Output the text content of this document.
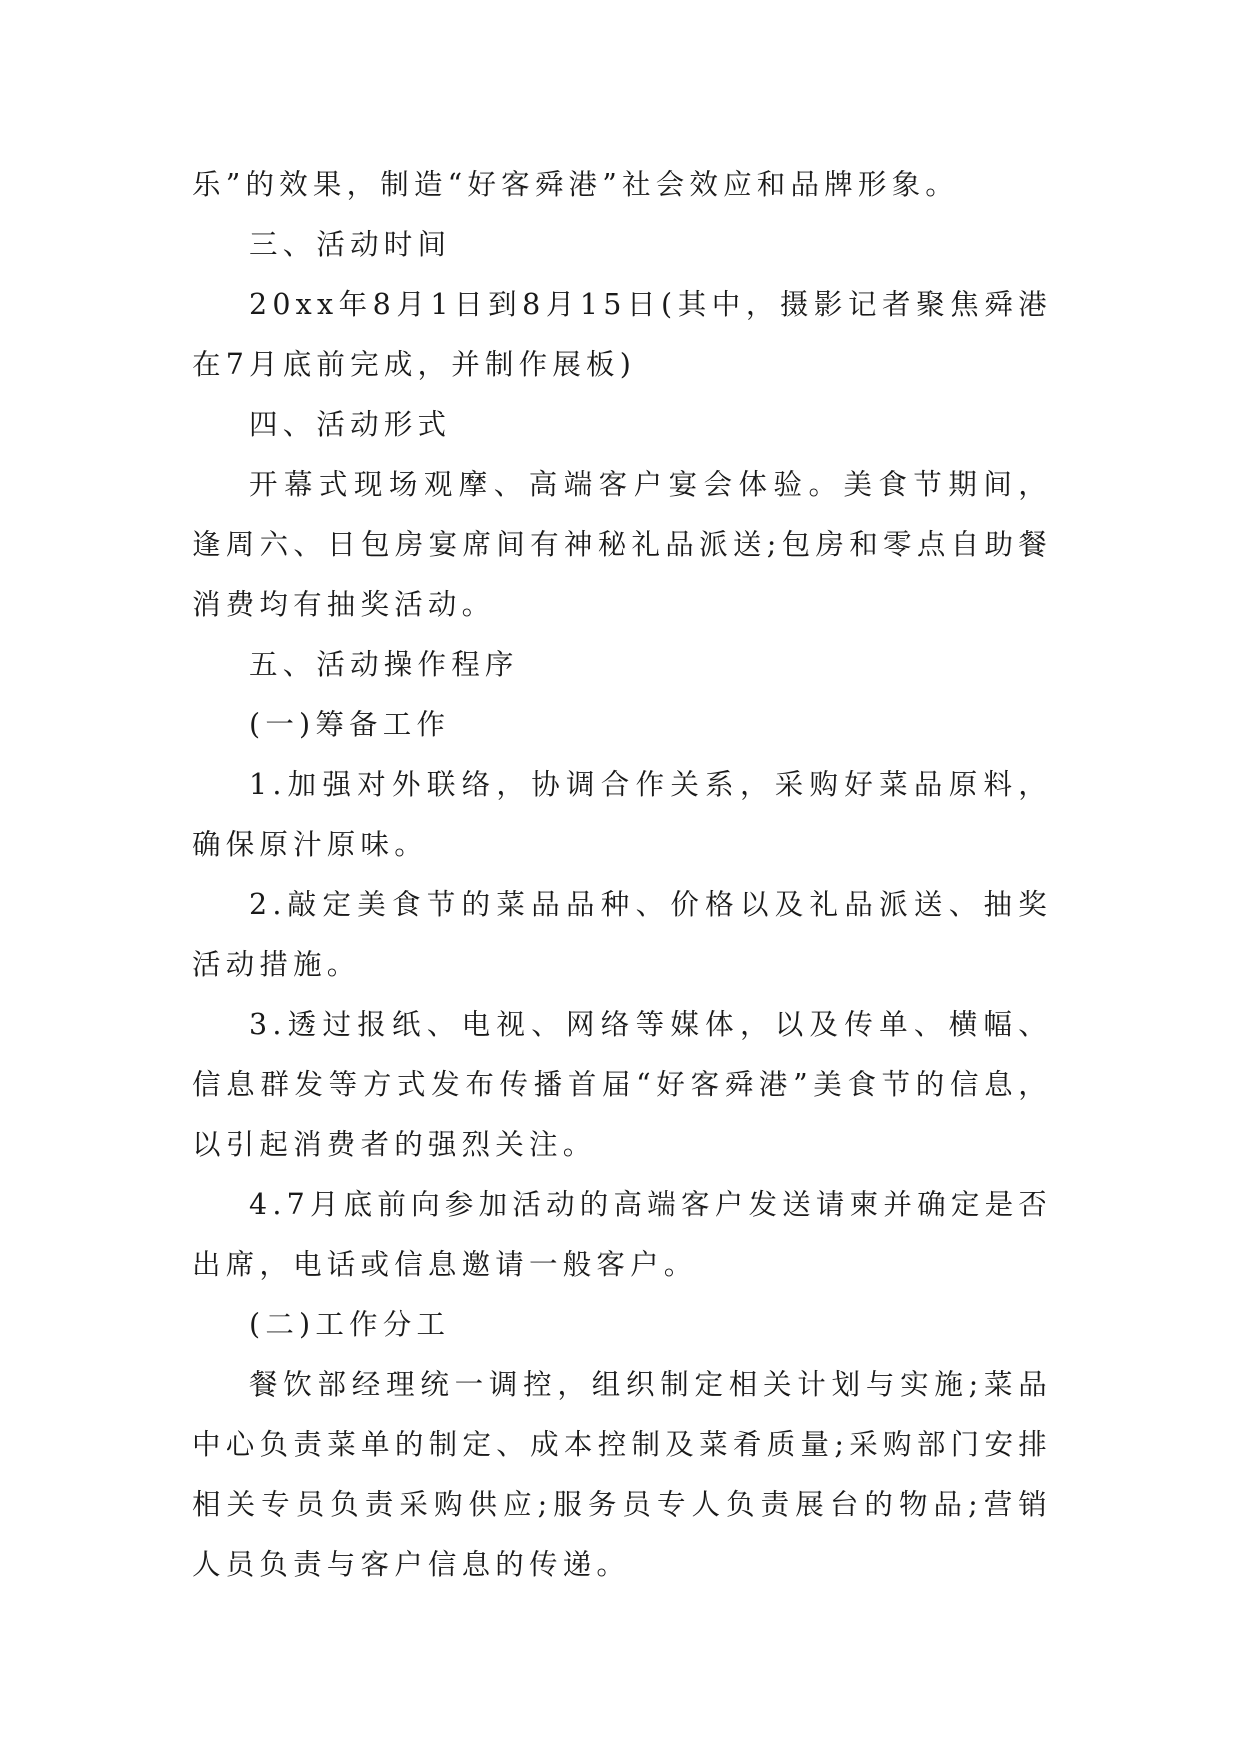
乐”的效果，制造“好客舜港”社会效应和品牌形象。

三、活动时间

20xx年8月1日到8月15日(其中，摄影记者聚焦舜港在7月底前完成，并制作展板)

四、活动形式

开幕式现场观摩、高端客户宴会体验。美食节期间，逢周六、日包房宴席间有神秘礼品派送;包房和零点自助餐消费均有抽奖活动。

五、活动操作程序

(一)筹备工作

1.加强对外联络，协调合作关系，采购好菜品原料，确保原汁原味。

2.敲定美食节的菜品品种、价格以及礼品派送、抽奖活动措施。

3.透过报纸、电视、网络等媒体，以及传单、横幅、信息群发等方式发布传播首届“好客舜港”美食节的信息，以引起消费者的强烈关注。

4.7月底前向参加活动的高端客户发送请柬并确定是否出席，电话或信息邀请一般客户。

(二)工作分工

餐饮部经理统一调控，组织制定相关计划与实施;菜品中心负责菜单的制定、成本控制及菜肴质量;采购部门安排相关专员负责采购供应;服务员专人负责展台的物品;营销人员负责与客户信息的传递。
